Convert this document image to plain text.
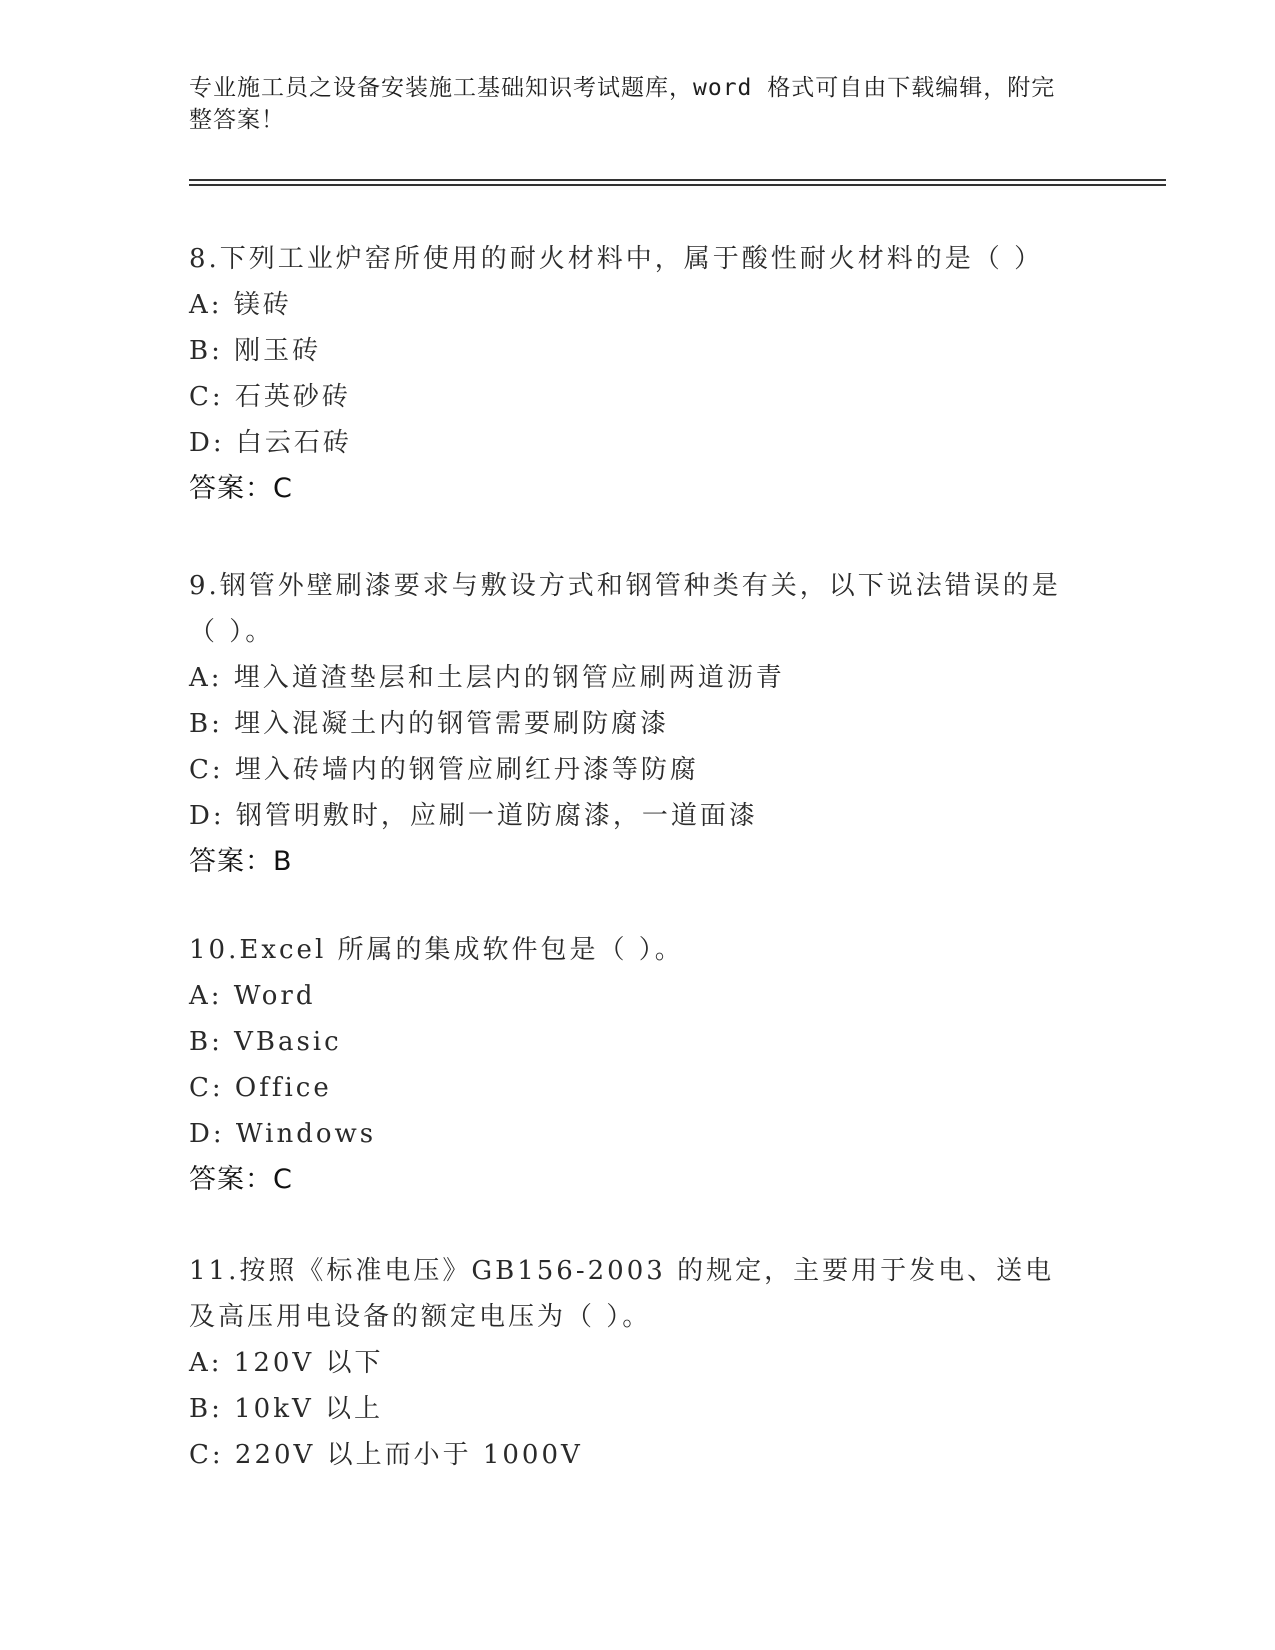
专业施工员之设备安装施工基础知识考试题库，word 格式可自由下载编辑，附完整答案！
8.下列工业炉窑所使用的耐火材料中，属于酸性耐火材料的是（ ）
A: 镁砖
B: 刚玉砖
C: 石英砂砖
D: 白云石砖
答案：C
9.钢管外壁刷漆要求与敷设方式和钢管种类有关，以下说法错误的是（ ）。
A: 埋入道渣垫层和土层内的钢管应刷两道沥青
B: 埋入混凝土内的钢管需要刷防腐漆
C: 埋入砖墙内的钢管应刷红丹漆等防腐
D: 钢管明敷时，应刷一道防腐漆，一道面漆
答案：B
10.Excel 所属的集成软件包是（ ）。
A: Word
B: VBasic
C: Office
D: Windows
答案：C
11.按照《标准电压》GB156-2003 的规定，主要用于发电、送电及高压用电设备的额定电压为（ ）。
A: 120V 以下
B: 10kV 以上
C: 220V 以上而小于 1000V
